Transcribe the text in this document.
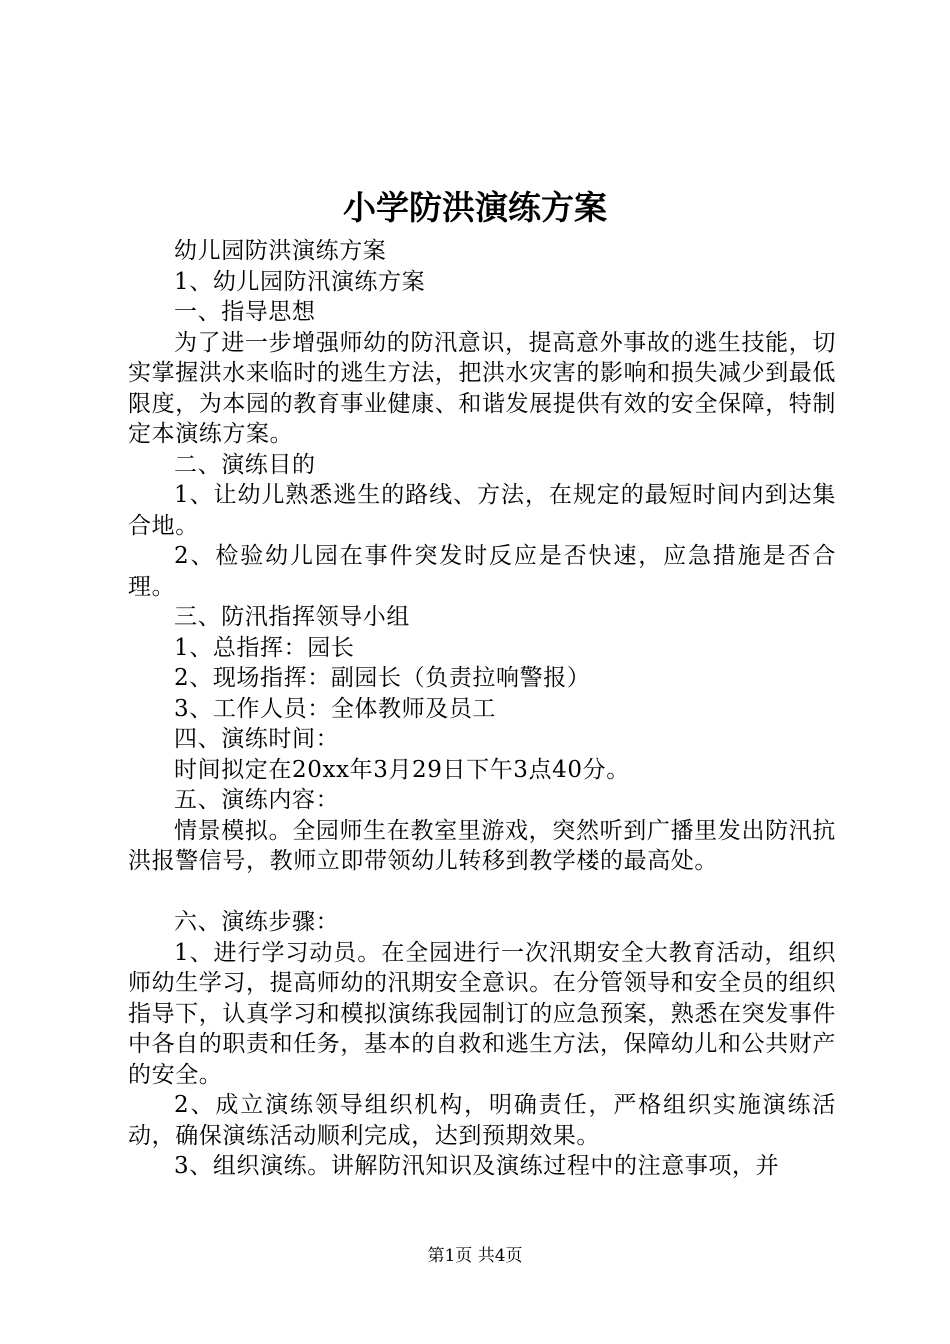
小学防洪演练方案

幼儿园防洪演练方案

1、幼儿园防汛演练方案

一、指导思想

为了进一步增强师幼的防汛意识，提高意外事故的逃生技能，切实掌握洪水来临时的逃生方法，把洪水灾害的影响和损失减少到最低限度，为本园的教育事业健康、和谐发展提供有效的安全保障，特制定本演练方案。

二、演练目的

1、让幼儿熟悉逃生的路线、方法，在规定的最短时间内到达集合地。

2、检验幼儿园在事件突发时反应是否快速，应急措施是否合理。

三、防汛指挥领导小组

1、总指挥：园长

2、现场指挥：副园长（负责拉响警报）

3、工作人员：全体教师及员工

四、演练时间：

时间拟定在20xx年3月29日下午3点40分。

五、演练内容：

情景模拟。全园师生在教室里游戏，突然听到广播里发出防汛抗洪报警信号，教师立即带领幼儿转移到教学楼的最高处。

六、演练步骤：

1、进行学习动员。在全园进行一次汛期安全大教育活动，组织师幼生学习，提高师幼的汛期安全意识。在分管领导和安全员的组织指导下，认真学习和模拟演练我园制订的应急预案，熟悉在突发事件中各自的职责和任务，基本的自救和逃生方法，保障幼儿和公共财产的安全。

2、成立演练领导组织机构，明确责任，严格组织实施演练活动，确保演练活动顺利完成，达到预期效果。

3、组织演练。讲解防汛知识及演练过程中的注意事项，并

第1页 共4页
